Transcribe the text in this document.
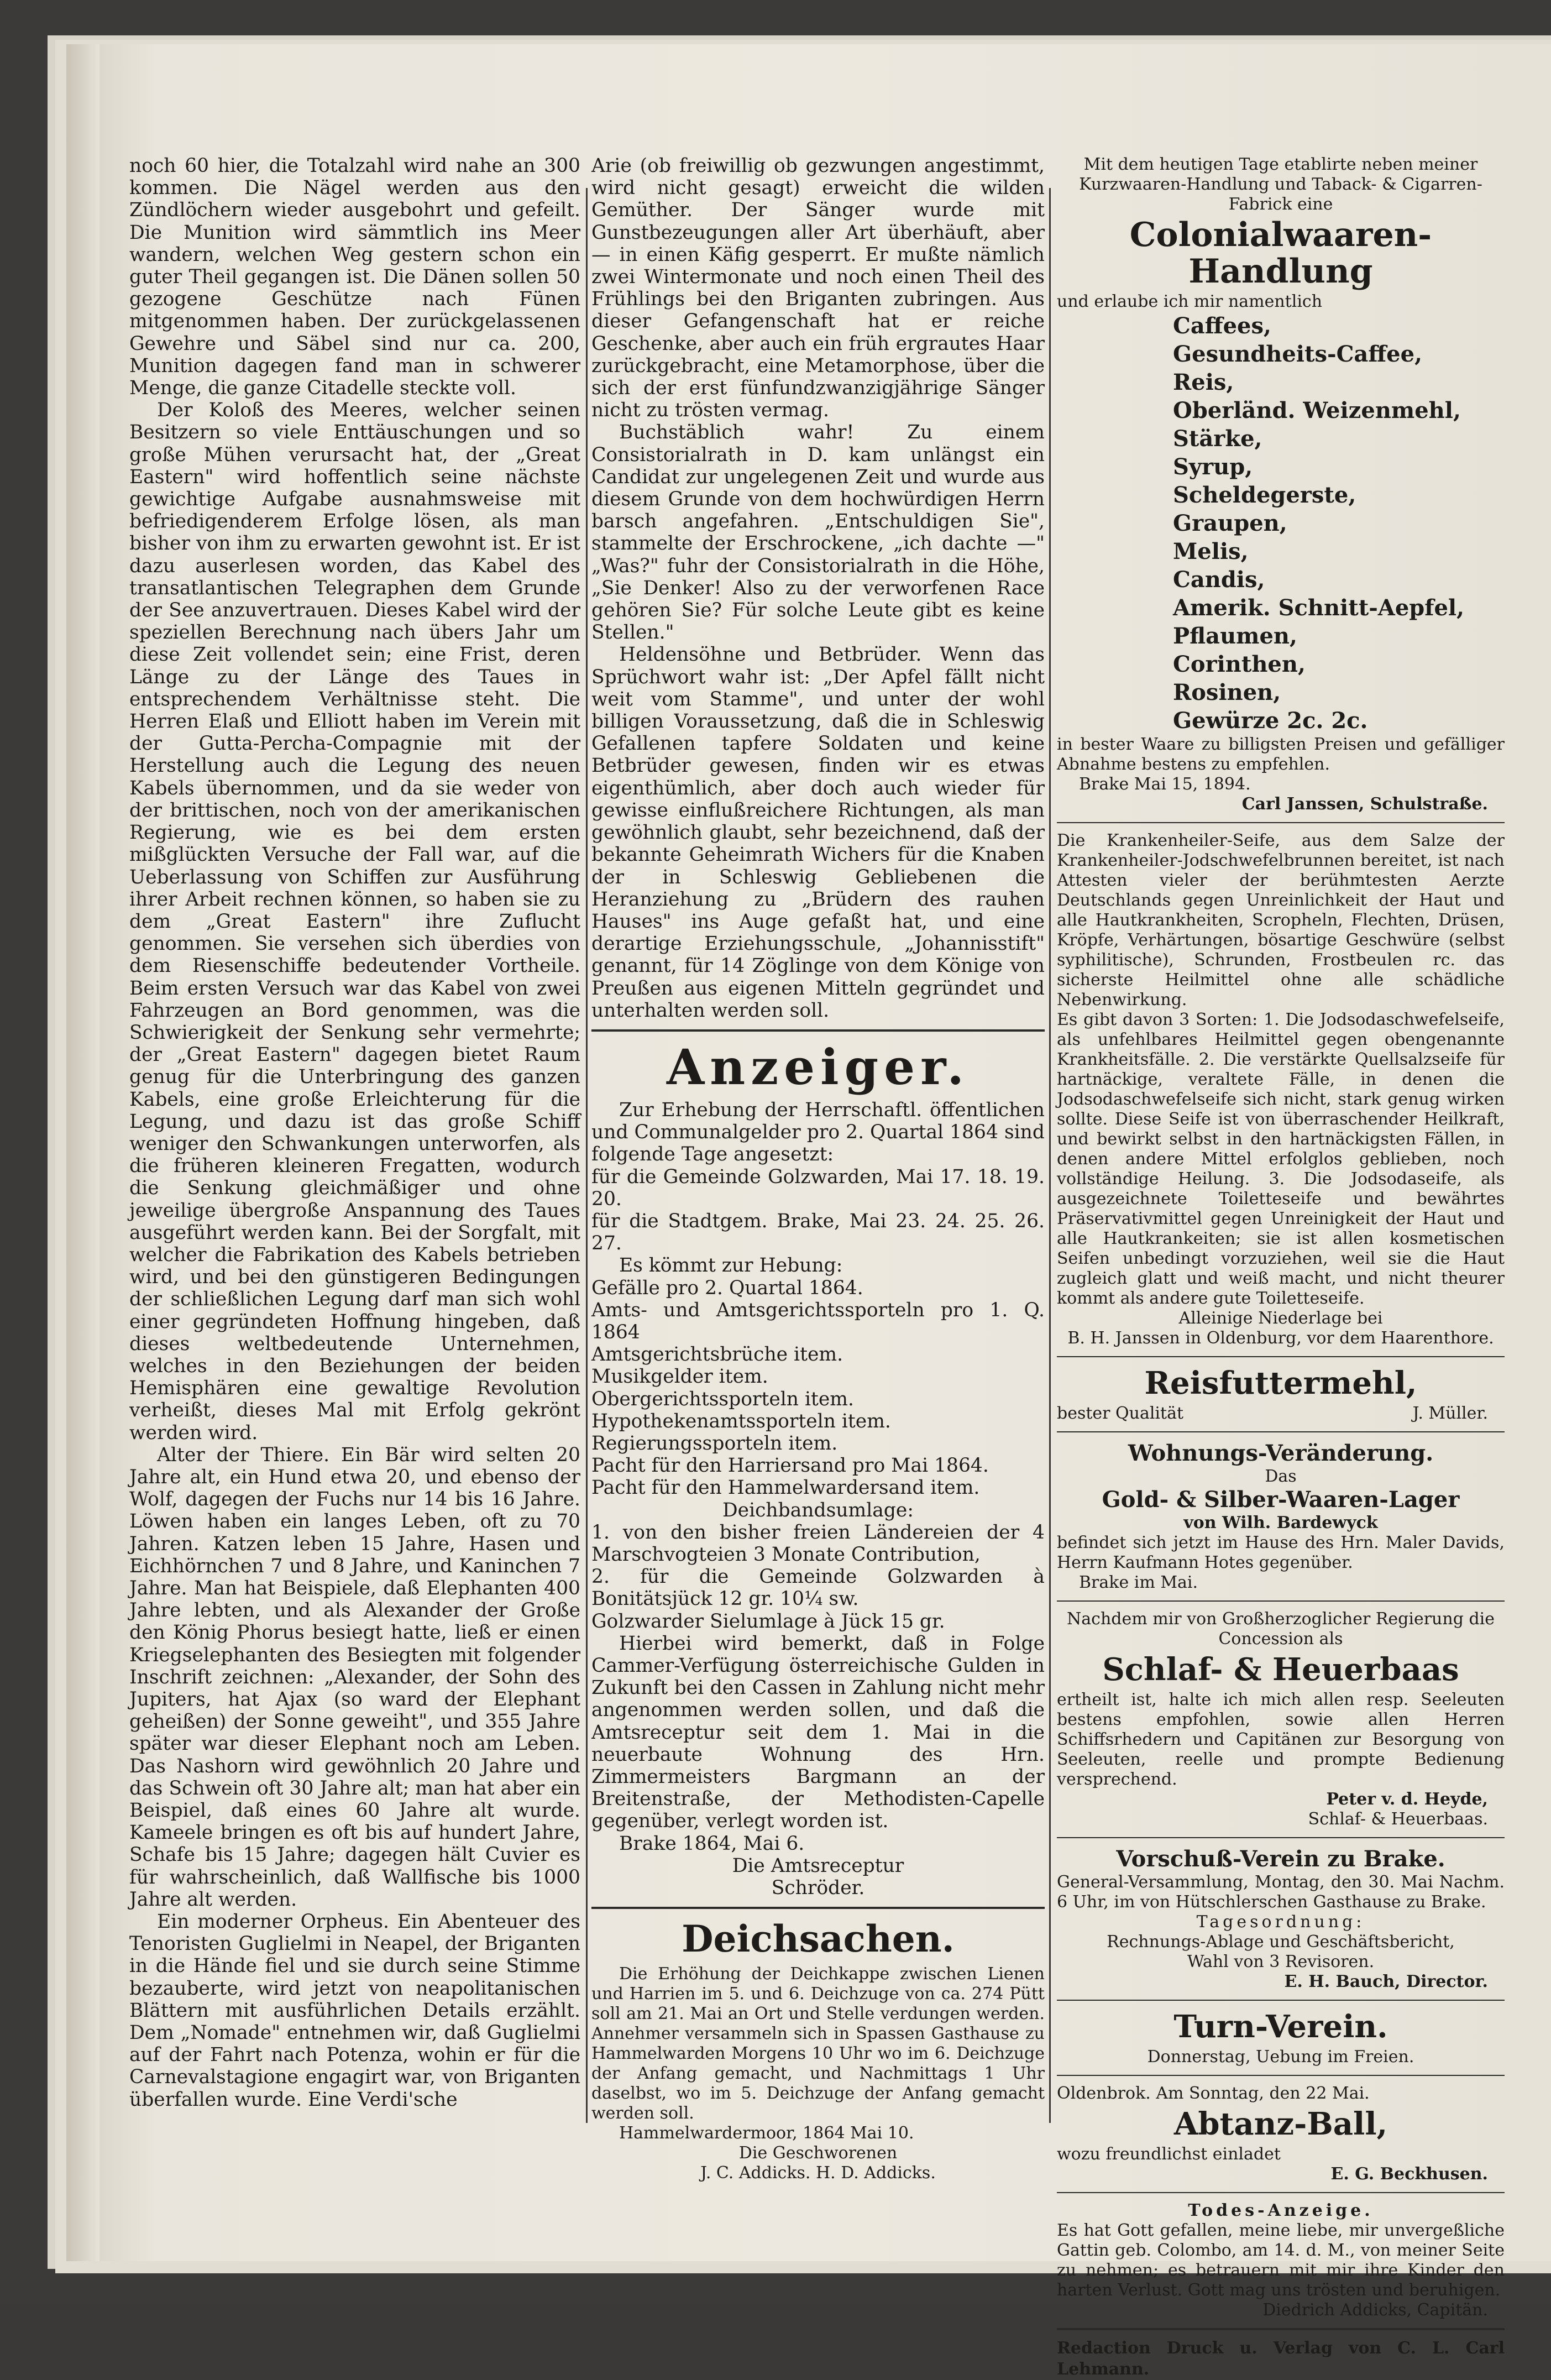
noch 60 hier, die Totalzahl wird nahe an 300 kommen. Die Nägel werden aus den Zündlöchern wieder ausgebohrt und gefeilt. Die Munition wird sämmtlich ins Meer wandern, welchen Weg gestern schon ein guter Theil gegangen ist. Die Dänen sollen 50 gezogene Geschütze nach Fünen mitgenommen haben. Der zurückgelassenen Gewehre und Säbel sind nur ca. 200, Munition dagegen fand man in schwerer Menge, die ganze Citadelle steckte voll.

Der Koloß des Meeres, welcher seinen Besitzern so viele Enttäuschungen und so große Mühen verursacht hat, der „Great Eastern" wird hoffentlich seine nächste gewichtige Aufgabe ausnahmsweise mit befriedigenderem Erfolge lösen, als man bisher von ihm zu erwarten gewohnt ist. Er ist dazu auserlesen worden, das Kabel des transatlantischen Telegraphen dem Grunde der See anzuvertrauen. Dieses Kabel wird der speziellen Berechnung nach übers Jahr um diese Zeit vollendet sein; eine Frist, deren Länge zu der Länge des Taues in entsprechendem Verhältnisse steht. Die Herren Elaß und Elliott haben im Verein mit der Gutta-Percha-Compagnie mit der Herstellung auch die Legung des neuen Kabels übernommen, und da sie weder von der brittischen, noch von der amerikanischen Regierung, wie es bei dem ersten mißglückten Versuche der Fall war, auf die Ueberlassung von Schiffen zur Ausführung ihrer Arbeit rechnen können, so haben sie zu dem „Great Eastern" ihre Zuflucht genommen. Sie versehen sich überdies von dem Riesenschiffe bedeutender Vortheile. Beim ersten Versuch war das Kabel von zwei Fahrzeugen an Bord genommen, was die Schwierigkeit der Senkung sehr vermehrte; der „Great Eastern" dagegen bietet Raum genug für die Unterbringung des ganzen Kabels, eine große Erleichterung für die Legung, und dazu ist das große Schiff weniger den Schwankungen unterworfen, als die früheren kleineren Fregatten, wodurch die Senkung gleichmäßiger und ohne jeweilige übergroße Anspannung des Taues ausgeführt werden kann. Bei der Sorgfalt, mit welcher die Fabrikation des Kabels betrieben wird, und bei den günstigeren Bedingungen der schließlichen Legung darf man sich wohl einer gegründeten Hoffnung hingeben, daß dieses weltbedeutende Unternehmen, welches in den Beziehungen der beiden Hemisphären eine gewaltige Revolution verheißt, dieses Mal mit Erfolg gekrönt werden wird.

Alter der Thiere. Ein Bär wird selten 20 Jahre alt, ein Hund etwa 20, und ebenso der Wolf, dagegen der Fuchs nur 14 bis 16 Jahre. Löwen haben ein langes Leben, oft zu 70 Jahren. Katzen leben 15 Jahre, Hasen und Eichhörnchen 7 und 8 Jahre, und Kaninchen 7 Jahre. Man hat Beispiele, daß Elephanten 400 Jahre lebten, und als Alexander der Große den König Phorus besiegt hatte, ließ er einen Kriegselephanten des Besiegten mit folgender Inschrift zeichnen: „Alexander, der Sohn des Jupiters, hat Ajax (so ward der Elephant geheißen) der Sonne geweiht", und 355 Jahre später war dieser Elephant noch am Leben. Das Nashorn wird gewöhnlich 20 Jahre und das Schwein oft 30 Jahre alt; man hat aber ein Beispiel, daß eines 60 Jahre alt wurde. Kameele bringen es oft bis auf hundert Jahre, Schafe bis 15 Jahre; dagegen hält Cuvier es für wahrscheinlich, daß Wallfische bis 1000 Jahre alt werden.

Ein moderner Orpheus. Ein Abenteuer des Tenoristen Guglielmi in Neapel, der Briganten in die Hände fiel und sie durch seine Stimme bezauberte, wird jetzt von neapolitanischen Blättern mit ausführlichen Details erzählt. Dem „Nomade" entnehmen wir, daß Guglielmi auf der Fahrt nach Potenza, wohin er für die Carnevalstagione engagirt war, von Briganten überfallen wurde. Eine Verdi'sche

Arie (ob freiwillig ob gezwungen angestimmt, wird nicht gesagt) erweicht die wilden Gemüther. Der Sänger wurde mit Gunstbezeugungen aller Art überhäuft, aber — in einen Käfig gesperrt. Er mußte nämlich zwei Wintermonate und noch einen Theil des Frühlings bei den Briganten zubringen. Aus dieser Gefangenschaft hat er reiche Geschenke, aber auch ein früh ergrautes Haar zurückgebracht, eine Metamorphose, über die sich der erst fünfundzwanzigjährige Sänger nicht zu trösten vermag.

Buchstäblich wahr! Zu einem Consistorialrath in D. kam unlängst ein Candidat zur ungelegenen Zeit und wurde aus diesem Grunde von dem hochwürdigen Herrn barsch angefahren. „Entschuldigen Sie", stammelte der Erschrockene, „ich dachte —" „Was?" fuhr der Consistorialrath in die Höhe, „Sie Denker! Also zu der verworfenen Race gehören Sie? Für solche Leute gibt es keine Stellen."

Heldensöhne und Betbrüder. Wenn das Sprüchwort wahr ist: „Der Apfel fällt nicht weit vom Stamme", und unter der wohl billigen Voraussetzung, daß die in Schleswig Gefallenen tapfere Soldaten und keine Betbrüder gewesen, finden wir es etwas eigenthümlich, aber doch auch wieder für gewisse einflußreichere Richtungen, als man gewöhnlich glaubt, sehr bezeichnend, daß der bekannte Geheimrath Wichers für die Knaben der in Schleswig Gebliebenen die Heranziehung zu „Brüdern des rauhen Hauses" ins Auge gefaßt hat, und eine derartige Erziehungsschule, „Johannisstift" genannt, für 14 Zöglinge von dem Könige von Preußen aus eigenen Mitteln gegründet und unterhalten werden soll.

Anzeiger.

Zur Erhebung der Herrschaftl. öffentlichen und Communalgelder pro 2. Quartal 1864 sind folgende Tage angesetzt:

für die Gemeinde Golzwarden, Mai 17. 18. 19. 20.
für die Stadtgem. Brake, Mai 23. 24. 25. 26. 27.

Es kömmt zur Hebung:

Gefälle pro 2. Quartal 1864.
Amts- und Amtsgerichtssporteln pro 1. Q. 1864
Amtsgerichtsbrüche item.
Musikgelder item.
Obergerichtssporteln item.
Hypothekenamtssporteln item.
Regierungssporteln item.
Pacht für den Harriersand pro Mai 1864.
Pacht für den Hammelwardersand item.
Deichbandsumlage:
1. von den bisher freien Ländereien der 4 Marschvogteien 3 Monate Contribution,
2. für die Gemeinde Golzwarden à Bonitätsjück 12 gr. 10¼ sw.
Golzwarder Sielumlage à Jück 15 gr.

Hierbei wird bemerkt, daß in Folge Cammer-Verfügung österreichische Gulden in Zukunft bei den Cassen in Zahlung nicht mehr angenommen werden sollen, und daß die Amtsreceptur seit dem 1. Mai in die neuerbaute Wohnung des Hrn. Zimmermeisters Bargmann an der Breitenstraße, der Methodisten-Capelle gegenüber, verlegt worden ist.

Brake 1864, Mai 6.

Die Amtsreceptur
Schröder.
Deichsachen.

Die Erhöhung der Deichkappe zwischen Lienen und Harrien im 5. und 6. Deichzuge von ca. 274 Pütt soll am 21. Mai an Ort und Stelle verdungen werden. Annehmer versammeln sich in Spassen Gasthause zu Hammelwarden Morgens 10 Uhr wo im 6. Deichzuge der Anfang gemacht, und Nachmittags 1 Uhr daselbst, wo im 5. Deichzuge der Anfang gemacht werden soll.

Hammelwardermoor, 1864 Mai 10.

Die Geschworenen
J. C. Addicks. H. D. Addicks.
Mit dem heutigen Tage etablirte neben meiner Kurzwaaren-Handlung und Taback- & Cigarren-Fabrick eine
Colonialwaaren-Handlung
und erlaube ich mir namentlich
Caffees,
Gesundheits-Caffee,
Reis,
Oberländ. Weizenmehl,
Stärke,
Syrup,
Scheldegerste,
Graupen,
Melis,
Candis,
Amerik. Schnitt-Aepfel,
Pflaumen,
Corinthen,
Rosinen,
Gewürze 2c. 2c.
in bester Waare zu billigsten Preisen und gefälliger Abnahme bestens zu empfehlen.
Brake Mai 15, 1894.
Carl Janssen, Schulstraße.
Die Krankenheiler-Seife, aus dem Salze der Krankenheiler-Jodschwefelbrunnen bereitet, ist nach Attesten vieler der berühmtesten Aerzte Deutschlands gegen Unreinlichkeit der Haut und alle Hautkrankheiten, Scropheln, Flechten, Drüsen, Kröpfe, Verhärtungen, bösartige Geschwüre (selbst syphilitische), Schrunden, Frostbeulen rc. das sicherste Heilmittel ohne alle schädliche Nebenwirkung.
Es gibt davon 3 Sorten: 1. Die Jodsodaschwefelseife, als unfehlbares Heilmittel gegen obengenannte Krankheitsfälle. 2. Die verstärkte Quellsalzseife für hartnäckige, veraltete Fälle, in denen die Jodsodaschwefelseife sich nicht, stark genug wirken sollte. Diese Seife ist von überraschender Heilkraft, und bewirkt selbst in den hartnäckigsten Fällen, in denen andere Mittel erfolglos geblieben, noch vollständige Heilung. 3. Die Jodsodaseife, als ausgezeichnete Toiletteseife und bewährtes Präservativmittel gegen Unreinigkeit der Haut und alle Hautkrankeiten; sie ist allen kosmetischen Seifen unbedingt vorzuziehen, weil sie die Haut zugleich glatt und weiß macht, und nicht theurer kommt als andere gute Toiletteseife.
Alleinige Niederlage bei
B. H. Janssen in Oldenburg, vor dem Haarenthore.
Reisfuttermehl,
bester Qualität	J. Müller.
Wohnungs-Veränderung.
Das
Gold- & Silber-Waaren-Lager
von Wilh. Bardewyck
befindet sich jetzt im Hause des Hrn. Maler Davids, Herrn Kaufmann Hotes gegenüber.
Brake im Mai.
Nachdem mir von Großherzoglicher Regierung die Concession als
Schlaf- & Heuerbaas
ertheilt ist, halte ich mich allen resp. Seeleuten bestens empfohlen, sowie allen Herren Schiffsrhedern und Capitänen zur Besorgung von Seeleuten, reelle und prompte Bedienung versprechend.
Peter v. d. Heyde,
Schlaf- & Heuerbaas.
Vorschuß-Verein zu Brake.
General-Versammlung, Montag, den 30. Mai Nachm. 6 Uhr, im von Hütschlerschen Gasthause zu Brake.
Tagesordnung:
Rechnungs-Ablage und Geschäftsbericht,
Wahl von 3 Revisoren.
E. H. Bauch, Director.
Turn-Verein.
Donnerstag, Uebung im Freien.
Oldenbrok. Am Sonntag, den 22 Mai.
Abtanz-Ball,
wozu freundlichst einladet
E. G. Beckhusen.
Todes-Anzeige.
Es hat Gott gefallen, meine liebe, mir unvergeßliche Gattin geb. Colombo, am 14. d. M., von meiner Seite zu nehmen; es betrauern mit mir ihre Kinder den harten Verlust. Gott mag uns trösten und beruhigen.
Diedrich Addicks, Capitän.
Redaction Druck u. Verlag von C. L. Carl Lehmann.
